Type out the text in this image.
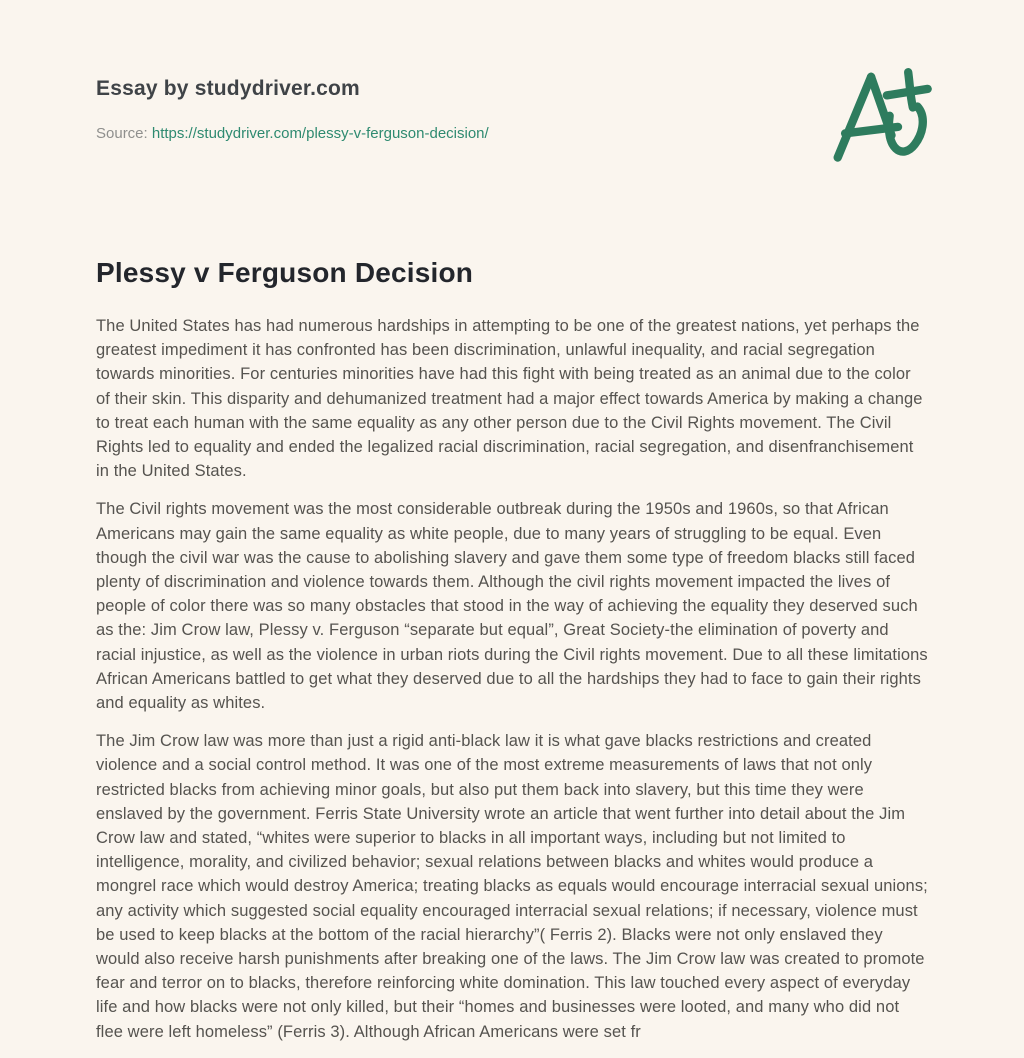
Essay by studydriver.com
Source: https://studydriver.com/plessy-v-ferguson-decision/
Plessy v Ferguson Decision

The United States has had numerous hardships in attempting to be one of the greatest nations, yet perhaps the greatest impediment it has confronted has been discrimination, unlawful inequality, and racial segregation towards minorities. For centuries minorities have had this fight with being treated as an animal due to the color of their skin. This disparity and dehumanized treatment had a major effect towards America by making a change to treat each human with the same equality as any other person due to the Civil Rights movement. The Civil Rights led to equality and ended the legalized racial discrimination, racial segregation, and disenfranchisement in the United States.

The Civil rights movement was the most considerable outbreak during the 1950s and 1960s, so that African Americans may gain the same equality as white people, due to many years of struggling to be equal. Even though the civil war was the cause to abolishing slavery and gave them some type of freedom blacks still faced plenty of discrimination and violence towards them. Although the civil rights movement impacted the lives of people of color there was so many obstacles that stood in the way of achieving the equality they deserved such as the: Jim Crow law, Plessy v. Ferguson “separate but equal”, Great Society-the elimination of poverty and racial injustice, as well as the violence in urban riots during the Civil rights movement. Due to all these limitations African Americans battled to get what they deserved due to all the hardships they had to face to gain their rights and equality as whites.

The Jim Crow law was more than just a rigid anti-black law it is what gave blacks restrictions and created violence and a social control method. It was one of the most extreme measurements of laws that not only restricted blacks from achieving minor goals, but also put them back into slavery, but this time they were enslaved by the government. Ferris State University wrote an article that went further into detail about the Jim Crow law and stated, “whites were superior to blacks in all important ways, including but not limited to intelligence, morality, and civilized behavior; sexual relations between blacks and whites would produce a mongrel race which would destroy America; treating blacks as equals would encourage interracial sexual unions; any activity which suggested social equality encouraged interracial sexual relations; if necessary, violence must be used to keep blacks at the bottom of the racial hierarchy”( Ferris 2). Blacks were not only enslaved they would also receive harsh punishments after breaking one of the laws. The Jim Crow law was created to promote fear and terror on to blacks, therefore reinforcing white domination. This law touched every aspect of everyday life and how blacks were not only killed, but their “homes and businesses were looted, and many who did not flee were left homeless” (Ferris 3). Although African Americans were set fr
